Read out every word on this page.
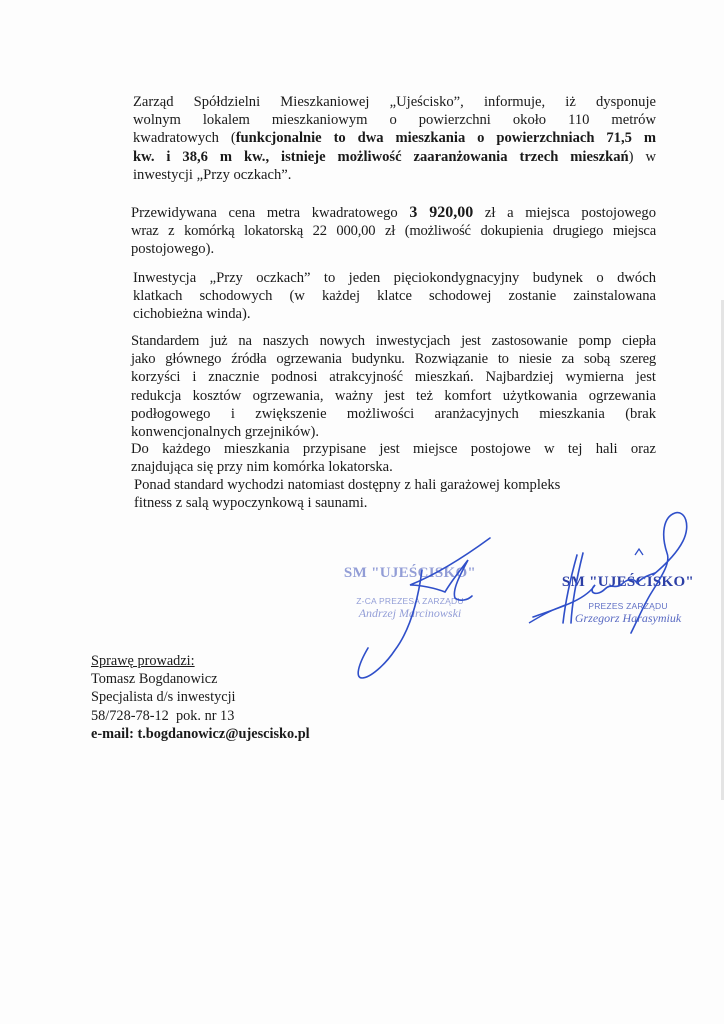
Zarząd Spółdzielni Mieszkaniowej „Ujeścisko”, informuje, iż dysponuje
wolnym lokalem mieszkaniowym o powierzchni około 110 metrów
kwadratowych (funkcjonalnie to dwa mieszkania o powierzchniach 71,5 m
kw. i 38,6 m kw., istnieje możliwość zaaranżowania trzech mieszkań) w
inwestycji „Przy oczkach”.
Przewidywana cena metra kwadratowego 3 920,00 zł a miejsca postojowego
wraz z komórką lokatorską 22 000,00 zł (możliwość dokupienia drugiego miejsca
postojowego).
Inwestycja „Przy oczkach” to jeden pięciokondygnacyjny budynek o dwóch
klatkach schodowych (w każdej klatce schodowej zostanie zainstalowana
cichobieżna winda).
Standardem już na naszych nowych inwestycjach jest zastosowanie pomp ciepła
jako głównego źródła ogrzewania budynku. Rozwiązanie to niesie za sobą szereg
korzyści i znacznie podnosi atrakcyjność mieszkań. Najbardziej wymierna jest
redukcja kosztów ogrzewania, ważny jest też komfort użytkowania ogrzewania
podłogowego i zwiększenie możliwości aranżacyjnych mieszkania (brak
konwencjonalnych grzejników).
Do każdego mieszkania przypisane jest miejsce postojowe w tej hali oraz
znajdująca się przy nim komórka lokatorska.
Ponad standard wychodzi natomiast dostępny z hali garażowej kompleks
fitness z salą wypoczynkową i saunami.
SM "UJEŚCISKO"
Z-CA PREZESA ZARZĄDU
Andrzej Marcinowski
SM "UJEŚCISKO"
PREZES ZARZĄDU
Grzegorz Harasymiuk
Sprawę prowadzi:
Tomasz Bogdanowicz
Specjalista d/s inwestycji
58/728-78-12  pok. nr 13
e-mail: t.bogdanowicz@ujescisko.pl
